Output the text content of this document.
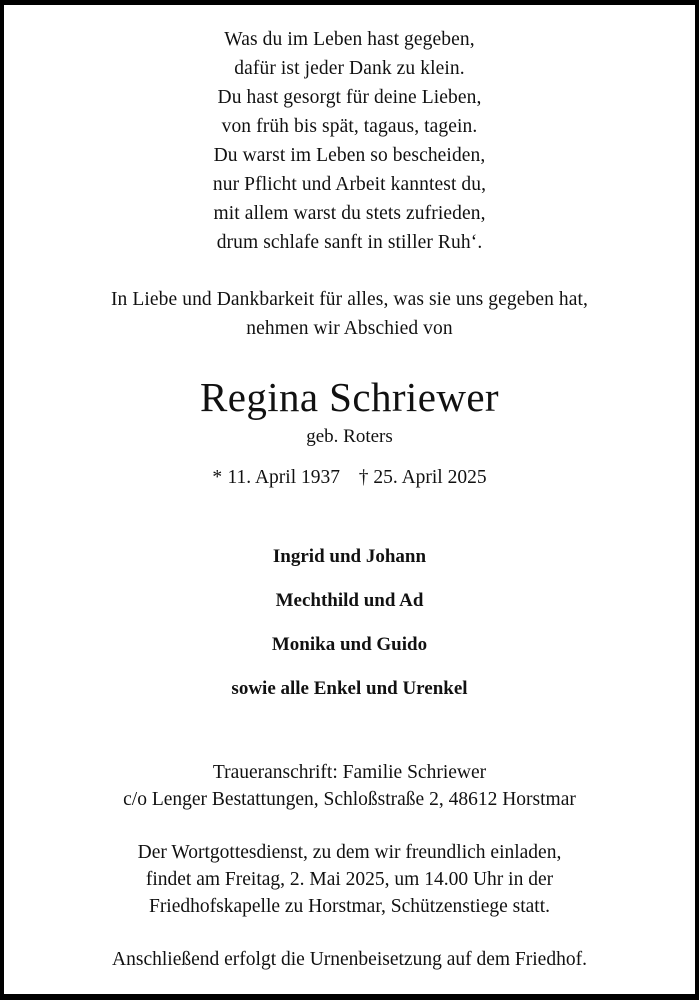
Was du im Leben hast gegeben,
dafür ist jeder Dank zu klein.
Du hast gesorgt für deine Lieben,
von früh bis spät, tagaus, tagein.
Du warst im Leben so bescheiden,
nur Pflicht und Arbeit kanntest du,
mit allem warst du stets zufrieden,
drum schlafe sanft in stiller Ruh‘.
In Liebe und Dankbarkeit für alles, was sie uns gegeben hat,
nehmen wir Abschied von
Regina Schriewer
geb. Roters
* 11. April 1937 † 25. April 2025
Ingrid und Johann
Mechthild und Ad
Monika und Guido
sowie alle Enkel und Urenkel
Traueranschrift: Familie Schriewer
c/o Lenger Bestattungen, Schloßstraße 2, 48612 Horstmar
Der Wortgottesdienst, zu dem wir freundlich einladen,
findet am Freitag, 2. Mai 2025, um 14.00 Uhr in der
Friedhofskapelle zu Horstmar, Schützenstiege statt.
Anschließend erfolgt die Urnenbeisetzung auf dem Friedhof.
